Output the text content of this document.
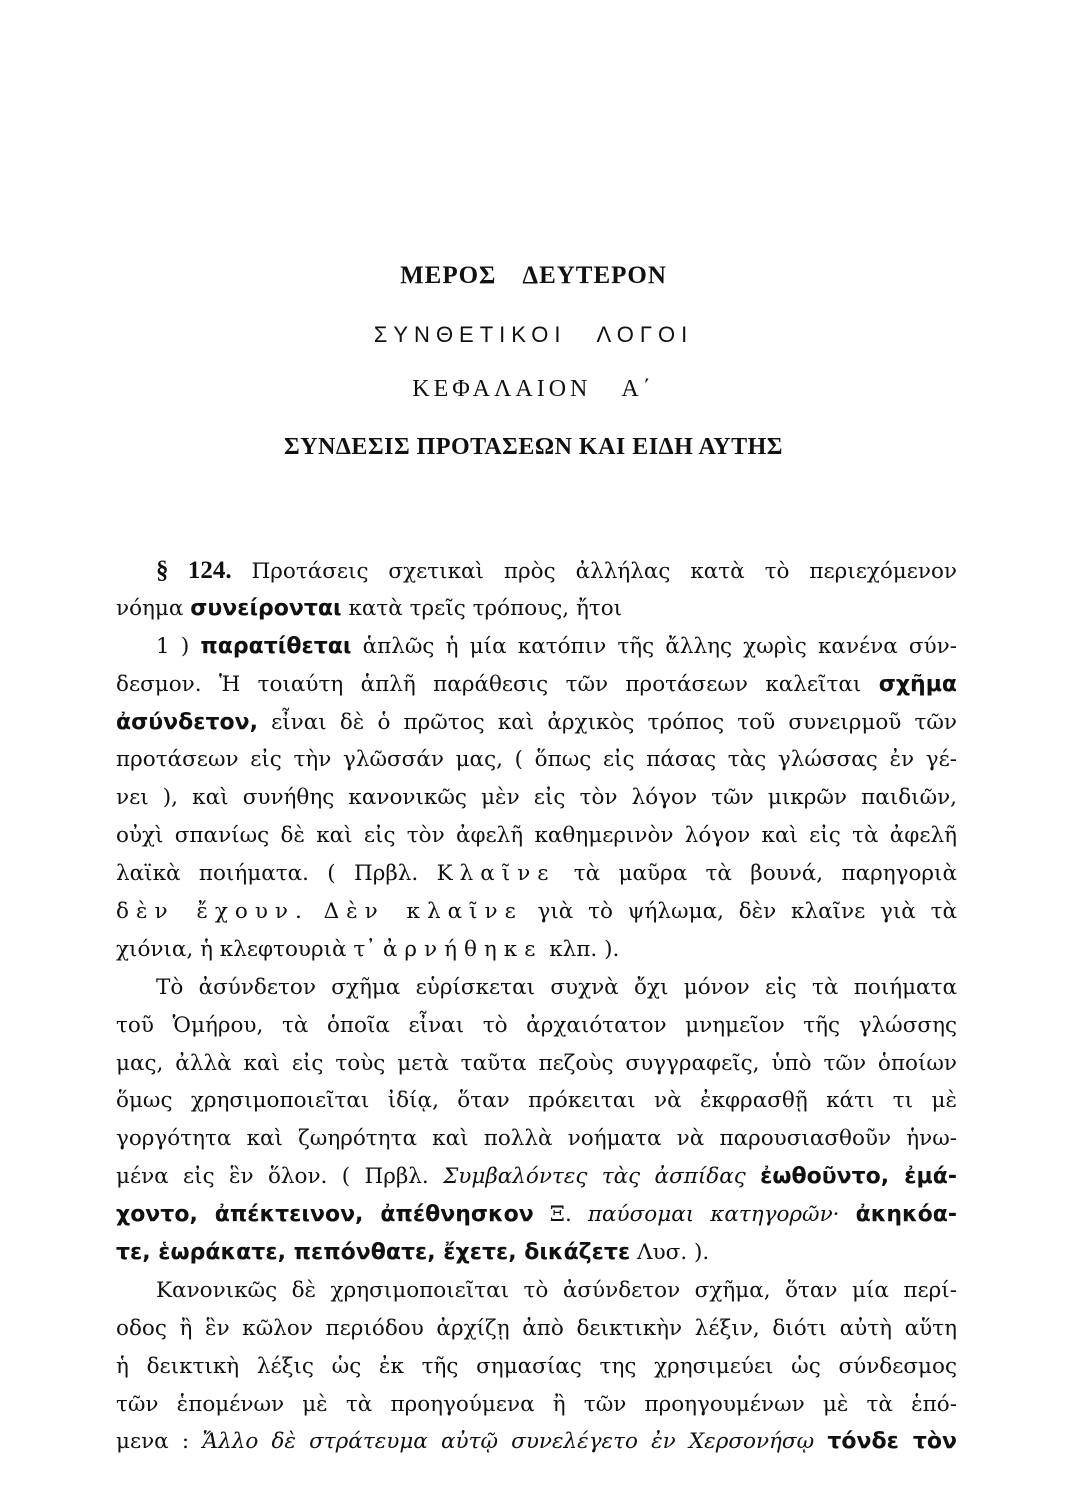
ΜΕΡΟΣ ΔΕΥΤΕΡΟΝ
ΣΥΝΘΕΤΙΚΟΙ ΛΟΓΟΙ
ΚΕΦΑΛΑΙΟΝ Α΄
ΣΥΝΔΕΣΙΣ ΠΡΟΤΑΣΕΩΝ ΚΑΙ ΕΙΔΗ ΑΥΤΗΣ
§ 124. Προτάσεις σχετικαὶ πρὸς ἀλλήλας κατὰ τὸ περιεχόμενον
νόημα συνείρονται κατὰ τρεῖς τρόπους, ἤτοι
1 ) παρατίθεται ἁπλῶς ἡ μία κατόπιν τῆς ἄλλης χωρὶς κανένα σύν-
δεσμον. Ἡ τοιαύτη ἁπλῆ παράθεσις τῶν προτάσεων καλεῖται σχῆμα
ἀσύνδετον, εἶναι δὲ ὁ πρῶτος καὶ ἀρχικὸς τρόπος τοῦ συνειρμοῦ τῶν
προτάσεων εἰς τὴν γλῶσσάν μας, ( ὅπως εἰς πάσας τὰς γλώσσας ἐν γέ-
νει ), καὶ συνήθης κανονικῶς μὲν εἰς τὸν λόγον τῶν μικρῶν παιδιῶν,
οὐχὶ σπανίως δὲ καὶ εἰς τὸν ἀφελῆ καθημερινὸν λόγον καὶ εἰς τὰ ἀφελῆ
λαϊκὰ ποιήματα. ( Πρβλ. Κλαῖνε τὰ μαῦρα τὰ βουνά, παρηγοριὰ
δὲν ἔχουν. Δὲν κλαῖνε γιὰ τὸ ψήλωμα, δὲν κλαῖνε γιὰ τὰ
χιόνια, ἡ κλεφτουριὰ τ᾽ ἀρνήθηκε κλπ. ).
Τὸ ἀσύνδετον σχῆμα εὑρίσκεται συχνὰ ὄχι μόνον εἰς τὰ ποιήματα
τοῦ Ὁμήρου, τὰ ὁποῖα εἶναι τὸ ἀρχαιότατον μνημεῖον τῆς γλώσσης
μας, ἀλλὰ καὶ εἰς τοὺς μετὰ ταῦτα πεζοὺς συγγραφεῖς, ὑπὸ τῶν ὁποίων
ὅμως χρησιμοποιεῖται ἰδίᾳ, ὅταν πρόκειται νὰ ἐκφρασθῇ κάτι τι μὲ
γοργότητα καὶ ζωηρότητα καὶ πολλὰ νοήματα νὰ παρουσιασθοῦν ἡνω-
μένα εἰς ἓν ὅλον. ( Πρβλ. Συμβαλόντες τὰς ἀσπίδας ἐωθοῦντο, ἐμά-
χοντο, ἀπέκτεινον, ἀπέθνησκον Ξ. παύσομαι κατηγορῶν· ἀκηκόα-
τε, ἑωράκατε, πεπόνθατε, ἔχετε, δικάζετε Λυσ. ).
Κανονικῶς δὲ χρησιμοποιεῖται τὸ ἀσύνδετον σχῆμα, ὅταν μία περί-
οδος ἢ ἓν κῶλον περιόδου ἀρχίζῃ ἀπὸ δεικτικὴν λέξιν, διότι αὐτὴ αὕτη
ἡ δεικτικὴ λέξις ὡς ἐκ τῆς σημασίας της χρησιμεύει ὡς σύνδεσμος
τῶν ἑπομένων μὲ τὰ προηγούμενα ἢ τῶν προηγουμένων μὲ τὰ ἑπό-
μενα : Ἄλλο δὲ στράτευμα αὐτῷ συνελέγετο ἐν Χερσονήσῳ τόνδε τὸν
